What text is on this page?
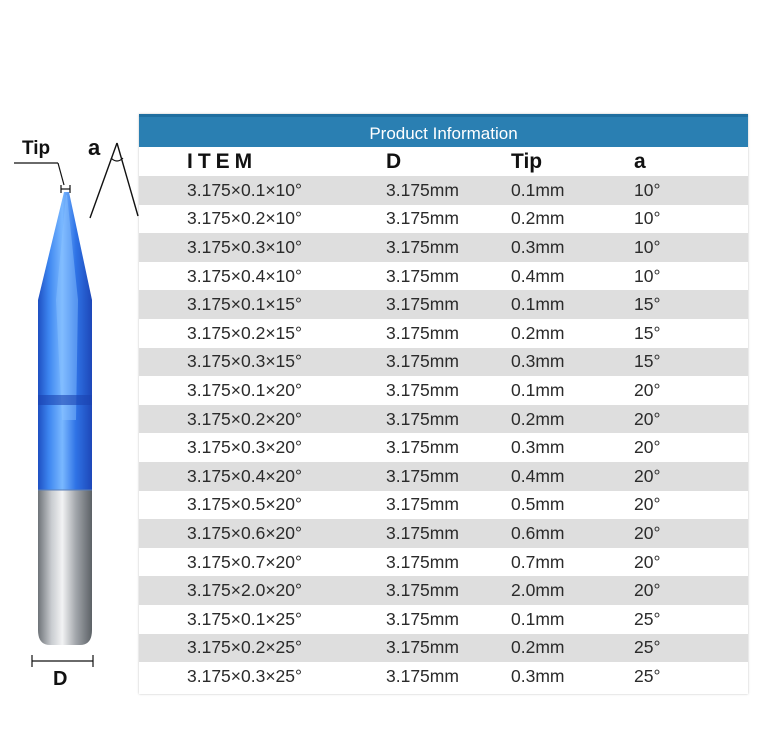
Tip a
D
Product Information
ITEM	D	Tip	a
3.175×0.1×10°	3.175mm	0.1mm	10°
3.175×0.2×10°	3.175mm	0.2mm	10°
3.175×0.3×10°	3.175mm	0.3mm	10°
3.175×0.4×10°	3.175mm	0.4mm	10°
3.175×0.1×15°	3.175mm	0.1mm	15°
3.175×0.2×15°	3.175mm	0.2mm	15°
3.175×0.3×15°	3.175mm	0.3mm	15°
3.175×0.1×20°	3.175mm	0.1mm	20°
3.175×0.2×20°	3.175mm	0.2mm	20°
3.175×0.3×20°	3.175mm	0.3mm	20°
3.175×0.4×20°	3.175mm	0.4mm	20°
3.175×0.5×20°	3.175mm	0.5mm	20°
3.175×0.6×20°	3.175mm	0.6mm	20°
3.175×0.7×20°	3.175mm	0.7mm	20°
3.175×2.0×20°	3.175mm	2.0mm	20°
3.175×0.1×25°	3.175mm	0.1mm	25°
3.175×0.2×25°	3.175mm	0.2mm	25°
3.175×0.3×25°	3.175mm	0.3mm	25°
